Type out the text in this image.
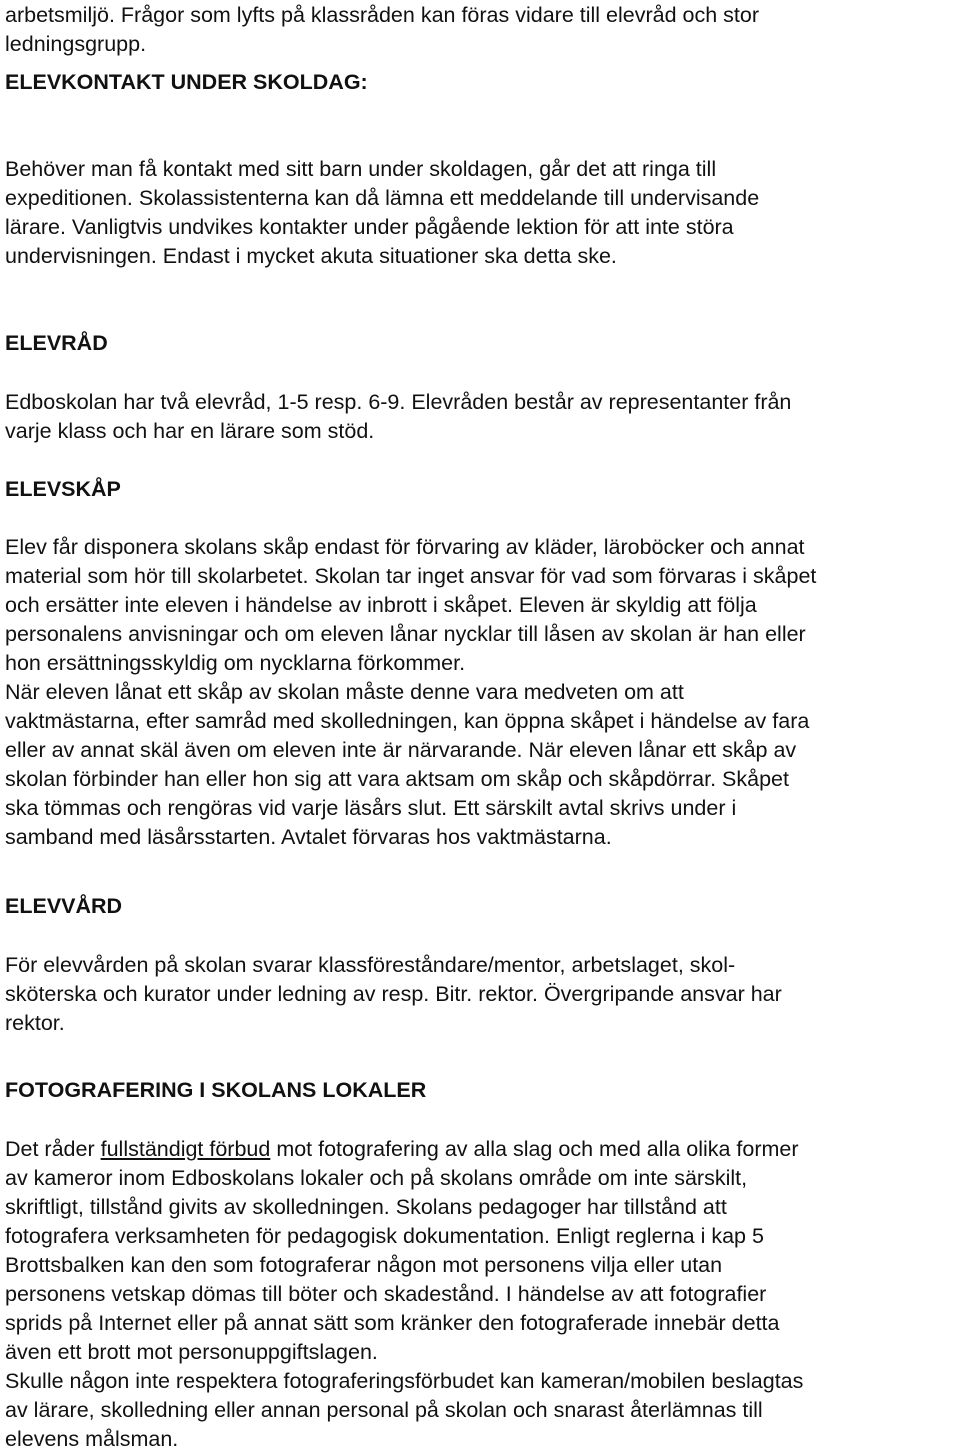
arbetsmiljö. Frågor som lyfts på klassråden kan föras vidare till elevråd och stor
ledningsgrupp.

ELEVKONTAKT UNDER SKOLDAG:

Behöver man få kontakt med sitt barn under skoldagen, går det att ringa till
expeditionen. Skolassistenterna kan då lämna ett meddelande till undervisande
lärare. Vanligtvis undvikes kontakter under pågående lektion för att inte störa
undervisningen. Endast i mycket akuta situationer ska detta ske.

ELEVRÅD

Edboskolan har två elevråd, 1-5 resp. 6-9. Elevråden består av representanter från
varje klass och har en lärare som stöd.

ELEVSKÅP

Elev får disponera skolans skåp endast för förvaring av kläder, läroböcker och annat
material som hör till skolarbetet. Skolan tar inget ansvar för vad som förvaras i skåpet
och ersätter inte eleven i händelse av inbrott i skåpet. Eleven är skyldig att följa
personalens anvisningar och om eleven lånar nycklar till låsen av skolan är han eller
hon ersättningsskyldig om nycklarna förkommer.
När eleven lånat ett skåp av skolan måste denne vara medveten om att
vaktmästarna, efter samråd med skolledningen, kan öppna skåpet i händelse av fara
eller av annat skäl även om eleven inte är närvarande. När eleven lånar ett skåp av
skolan förbinder han eller hon sig att vara aktsam om skåp och skåpdörrar. Skåpet
ska tömmas och rengöras vid varje läsårs slut. Ett särskilt avtal skrivs under i
samband med läsårsstarten. Avtalet förvaras hos vaktmästarna.

ELEVVÅRD

För elevvården på skolan svarar klassföreståndare/mentor, arbetslaget, skol-
sköterska och kurator under ledning av resp. Bitr. rektor. Övergripande ansvar har
rektor.

FOTOGRAFERING I SKOLANS LOKALER

Det råder fullständigt förbud mot fotografering av alla slag och med alla olika former
av kameror inom Edboskolans lokaler och på skolans område om inte särskilt,
skriftligt, tillstånd givits av skolledningen. Skolans pedagoger har tillstånd att
fotografera verksamheten för pedagogisk dokumentation. Enligt reglerna i kap 5
Brottsbalken kan den som fotograferar någon mot personens vilja eller utan
personens vetskap dömas till böter och skadestånd. I händelse av att fotografier
sprids på Internet eller på annat sätt som kränker den fotograferade innebär detta
även ett brott mot personuppgiftslagen.
Skulle någon inte respektera fotograferingsförbudet kan kameran/mobilen beslagtas
av lärare, skolledning eller annan personal på skolan och snarast återlämnas till
elevens målsman.
